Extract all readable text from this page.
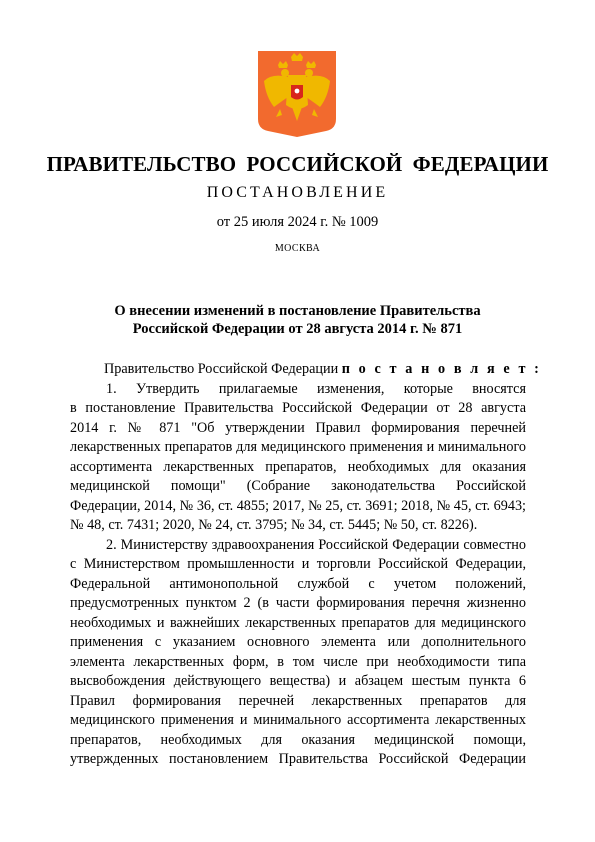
ПРАВИТЕЛЬСТВО РОССИЙСКОЙ ФЕДЕРАЦИИ
ПОСТАНОВЛЕНИЕ
от 25 июля 2024 г. № 1009
МОСКВА
О внесении изменений в постановление Правительства
Российской Федерации от 28 августа 2014 г. № 871
Правительство Российской Федерации п о с т а н о в л я е т :
1. Утвердить прилагаемые изменения, которые вносятся
в постановление Правительства Российской Федерации от 28 августа
2014 г. № 871 "Об утверждении Правил формирования перечней
лекарственных препаратов для медицинского применения и минимального
ассортимента лекарственных препаратов, необходимых для оказания
медицинской помощи" (Собрание законодательства Российской
Федерации, 2014, № 36, ст. 4855; 2017, № 25, ст. 3691; 2018, № 45, ст. 6943;
№ 48, ст. 7431; 2020, № 24, ст. 3795; № 34, ст. 5445; № 50, ст. 8226).
2. Министерству здравоохранения Российской Федерации совместно
с Министерством промышленности и торговли Российской Федерации,
Федеральной антимонопольной службой с учетом положений,
предусмотренных пунктом 2 (в части формирования перечня жизненно
необходимых и важнейших лекарственных препаратов для медицинского
применения с указанием основного элемента или дополнительного
элемента лекарственных форм, в том числе при необходимости типа
высвобождения действующего вещества) и абзацем шестым пункта 6
Правил формирования перечней лекарственных препаратов для
медицинского применения и минимального ассортимента лекарственных
препаратов, необходимых для оказания медицинской помощи,
утвержденных постановлением Правительства Российской Федерации
